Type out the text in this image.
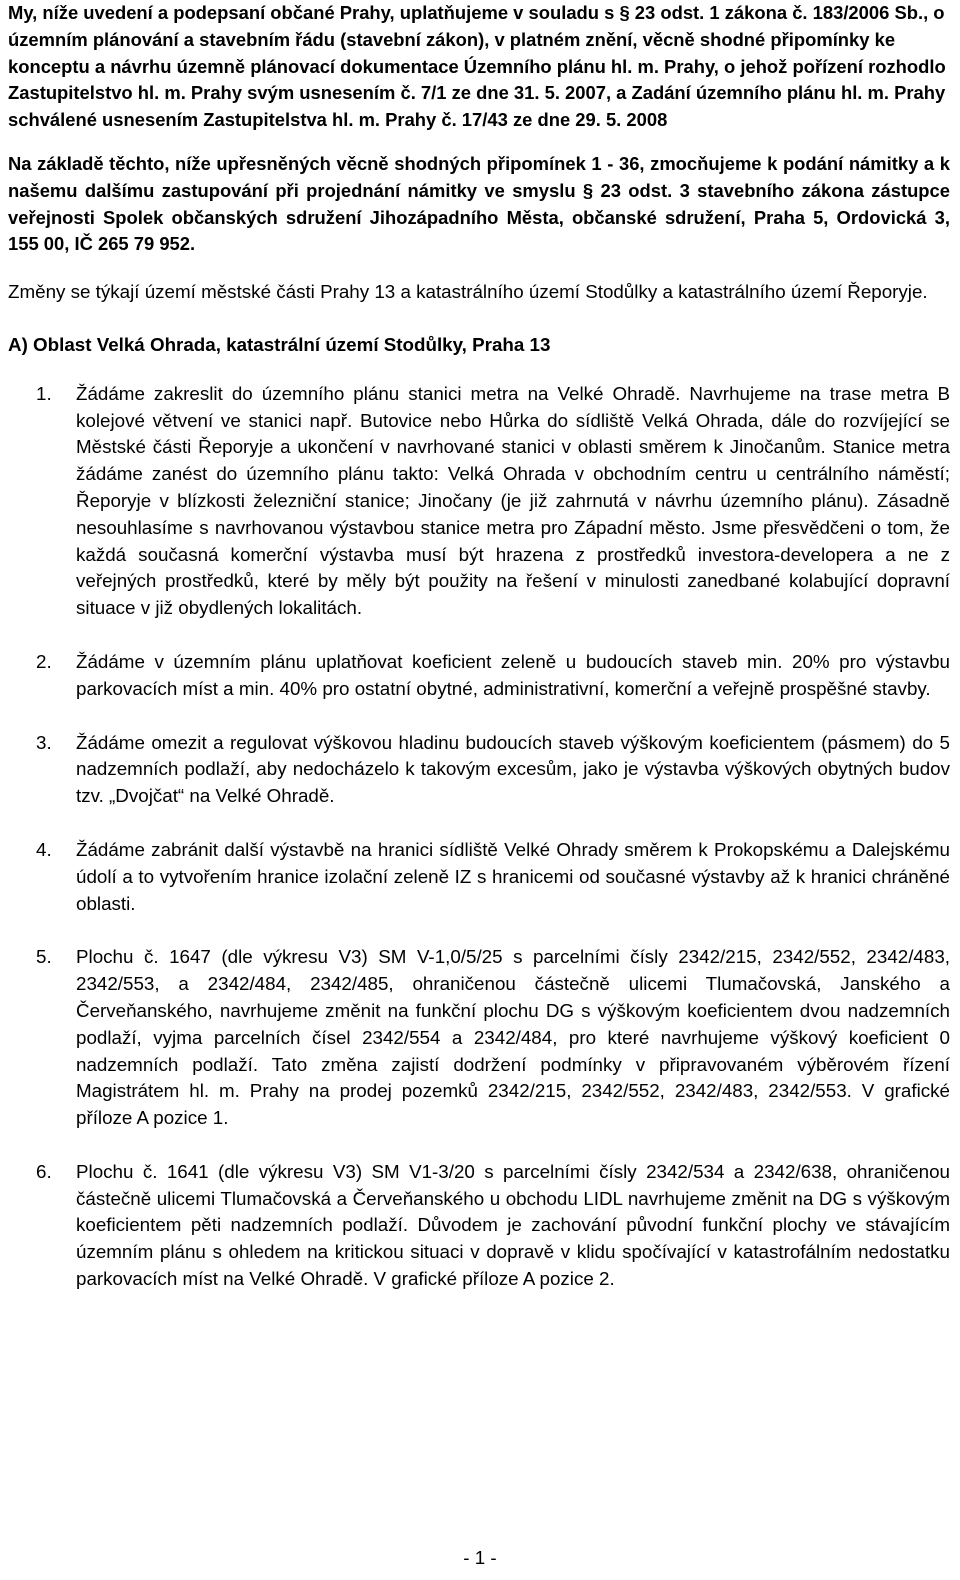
My, níže uvedení a podepsaní občané Prahy, uplatňujeme v souladu s § 23 odst. 1 zákona č. 183/2006 Sb., o územním plánování a stavebním řádu (stavební zákon), v platném znění, věcně shodné připomínky ke konceptu a návrhu územně plánovací dokumentace Územního plánu hl. m. Prahy, o jehož pořízení rozhodlo Zastupitelstvo hl. m. Prahy svým usnesením č. 7/1 ze dne 31. 5. 2007, a Zadání územního plánu hl. m. Prahy schválené usnesením Zastupitelstva hl. m. Prahy č. 17/43 ze dne 29. 5. 2008

Na základě těchto, níže upřesněných věcně shodných připomínek 1 - 36, zmocňujeme k podání námitky a k našemu dalšímu zastupování při projednání námitky ve smyslu § 23 odst. 3 stavebního zákona zástupce veřejnosti Spolek občanských sdružení Jihozápadního Města, občanské sdružení, Praha 5, Ordovická 3, 155 00, IČ 265 79 952.

Změny se týkají území městské části Prahy 13 a katastrálního území Stodůlky a katastrálního území Řeporyje.

A) Oblast Velká Ohrada, katastrální území Stodůlky, Praha 13

1. Žádáme zakreslit do územního plánu stanici metra na Velké Ohradě. Navrhujeme na trase metra B kolejové větvení ve stanici např. Butovice nebo Hůrka do sídliště Velká Ohrada, dále do rozvíjející se Městské části Řeporyje a ukončení v navrhované stanici v oblasti směrem k Jinočanům. Stanice metra žádáme zanést do územního plánu takto: Velká Ohrada v obchodním centru u centrálního náměstí; Řeporyje v blízkosti železniční stanice; Jinočany (je již zahrnutá v návrhu územního plánu). Zásadně nesouhlasíme s navrhovanou výstavbou stanice metra pro Západní město. Jsme přesvědčeni o tom, že každá současná komerční výstavba musí být hrazena z prostředků investora-developera a ne z veřejných prostředků, které by měly být použity na řešení v minulosti zanedbané kolabující dopravní situace v již obydlených lokalitách.
2. Žádáme v územním plánu uplatňovat koeficient zeleně u budoucích staveb min. 20% pro výstavbu parkovacích míst a min. 40% pro ostatní obytné, administrativní, komerční a veřejně prospěšné stavby.
3. Žádáme omezit a regulovat výškovou hladinu budoucích staveb výškovým koeficientem (pásmem) do 5 nadzemních podlaží, aby nedocházelo k takovým excesům, jako je výstavba výškových obytných budov tzv. „Dvojčat“ na Velké Ohradě.
4. Žádáme zabránit další výstavbě na hranici sídliště Velké Ohrady směrem k Prokopskému a Dalejskému údolí a to vytvořením hranice izolační zeleně IZ s hranicemi od současné výstavby až k hranici chráněné oblasti.
5. Plochu č. 1647 (dle výkresu V3) SM V-1,0/5/25 s parcelními čísly 2342/215, 2342/552, 2342/483, 2342/553, a 2342/484, 2342/485, ohraničenou částečně ulicemi Tlumačovská, Janského a Červeňanského, navrhujeme změnit na funkční plochu DG s výškovým koeficientem dvou nadzemních podlaží, vyjma parcelních čísel 2342/554 a 2342/484, pro které navrhujeme výškový koeficient 0 nadzemních podlaží. Tato změna zajistí dodržení podmínky v připravovaném výběrovém řízení Magistrátem hl. m. Prahy na prodej pozemků 2342/215, 2342/552, 2342/483, 2342/553. V grafické příloze A pozice 1.
6. Plochu č. 1641 (dle výkresu V3) SM V1-3/20 s parcelními čísly 2342/534 a 2342/638, ohraničenou částečně ulicemi Tlumačovská a Červeňanského u obchodu LIDL navrhujeme změnit na DG s výškovým koeficientem pěti nadzemních podlaží. Důvodem je zachování původní funkční plochy ve stávajícím územním plánu s ohledem na kritickou situaci v dopravě v klidu spočívající v katastrofálním nedostatku parkovacích míst na Velké Ohradě. V grafické příloze A pozice 2.
- 1 -
